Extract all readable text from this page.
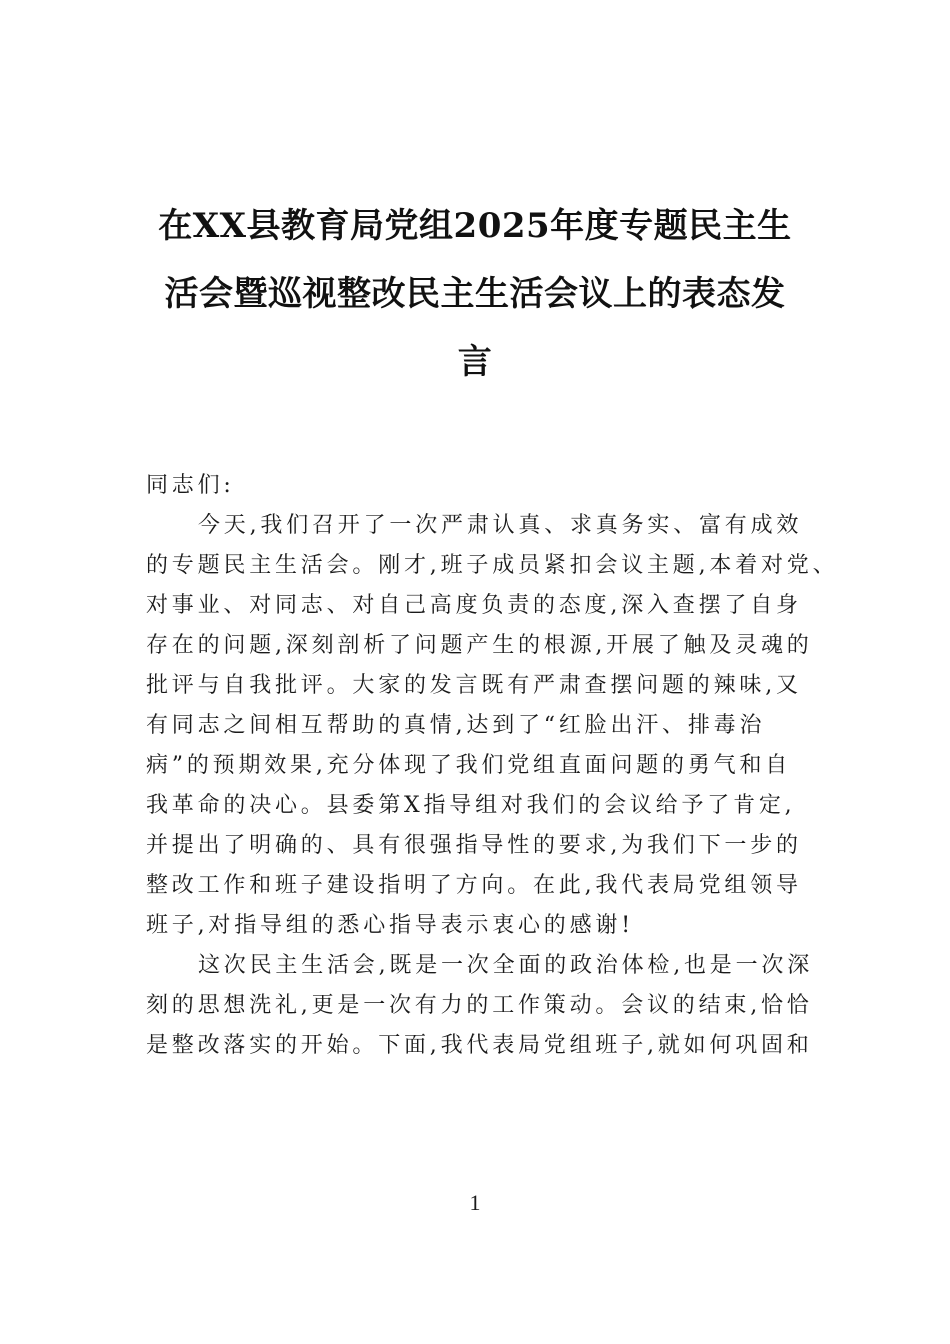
在XX县教育局党组2025年度专题民主生
活会暨巡视整改民主生活会议上的表态发
言
同志们:
今天,我们召开了一次严肃认真、求真务实、富有成效
的专题民主生活会。刚才,班子成员紧扣会议主题,本着对党、
对事业、对同志、对自己高度负责的态度,深入查摆了自身
存在的问题,深刻剖析了问题产生的根源,开展了触及灵魂的
批评与自我批评。大家的发言既有严肃查摆问题的辣味,又
有同志之间相互帮助的真情,达到了“红脸出汗、排毒治
病”的预期效果,充分体现了我们党组直面问题的勇气和自
我革命的决心。县委第X指导组对我们的会议给予了肯定,
并提出了明确的、具有很强指导性的要求,为我们下一步的
整改工作和班子建设指明了方向。在此,我代表局党组领导
班子,对指导组的悉心指导表示衷心的感谢!
这次民主生活会,既是一次全面的政治体检,也是一次深
刻的思想洗礼,更是一次有力的工作策动。会议的结束,恰恰
是整改落实的开始。下面,我代表局党组班子,就如何巩固和
1
